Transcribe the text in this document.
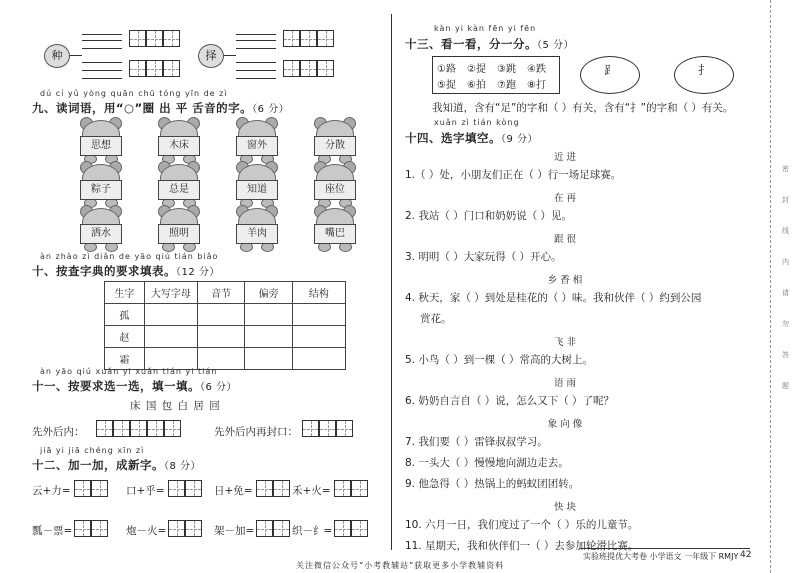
种	择
dú cí yǔ yòng quān chū tóng yīn de zì
九、读词语，用“○”圈 出 平 舌音的字。（6 分）
思想	木床	窗外	分散
粽子	总是	知道	座位
洒水	照明	羊肉	嘴巴
àn zhào zì diǎn de yāo qiú tián biǎo
十、按查字典的要求填表。（12 分）
生字	大写字母	音节	偏旁	结构
孤				
赵				
霜				
àn yāo qiú xuǎn yi xuǎn tián yi tián
十一、按要求选一选，填一填。（6 分）
床 国 包 白 居 回
先外后内：	先外后内再封口：
jiā yi jiā chéng xīn zì
十二、加一加，成新字。（8 分）
云+力=	口+乎=	日+免=	禾+火=
瓢－票=	炮－火=	架－加=	织－纟=
kàn yi kàn fēn yi fēn
十三、看一看，分一分。（5 分）
①路 ②提 ③跳 ④跌
⑤捉 ⑥拍 ⑦跑 ⑧打
⻊	扌
我知道，含有“足”的字和（ ）有关，含有“扌”的字和（ ）有关。
xuǎn zì tián kòng
十四、选字填空。（9 分）
近 进
1.（ ）处，小朋友们正在（ ）行一场足球赛。
在 再
2. 我站（ ）门口和奶奶说（ ）见。
跟 很
3. 明明（ ）大家玩得（ ）开心。
乡 香 相
4. 秋天，家（ ）到处是桂花的（ ）味。我和伙伴（ ）约到公园
赏花。
飞 非
5. 小鸟（ ）到一棵（ ）常高的大树上。
语 雨
6. 奶奶自言自（ ）说，怎么又下（ ）了呢？
象 向 像
7. 我们要（ ）雷锋叔叔学习。
8. 一头大（ ）慢慢地向湖边走去。
9. 他急得（ ）热锅上的蚂蚁团团转。
快 块
10. 六月一日，我们度过了一个（ ）乐的儿童节。
11. 星期天，我和伙伴们一（ ）去参加轮滑比赛。
密
封
线
内
请
勿
答
题
实验班提优大考卷 小学语文 一年级下 RMJY 42
关注微信公众号“小考教辅站”获取更多小学教辅资料
